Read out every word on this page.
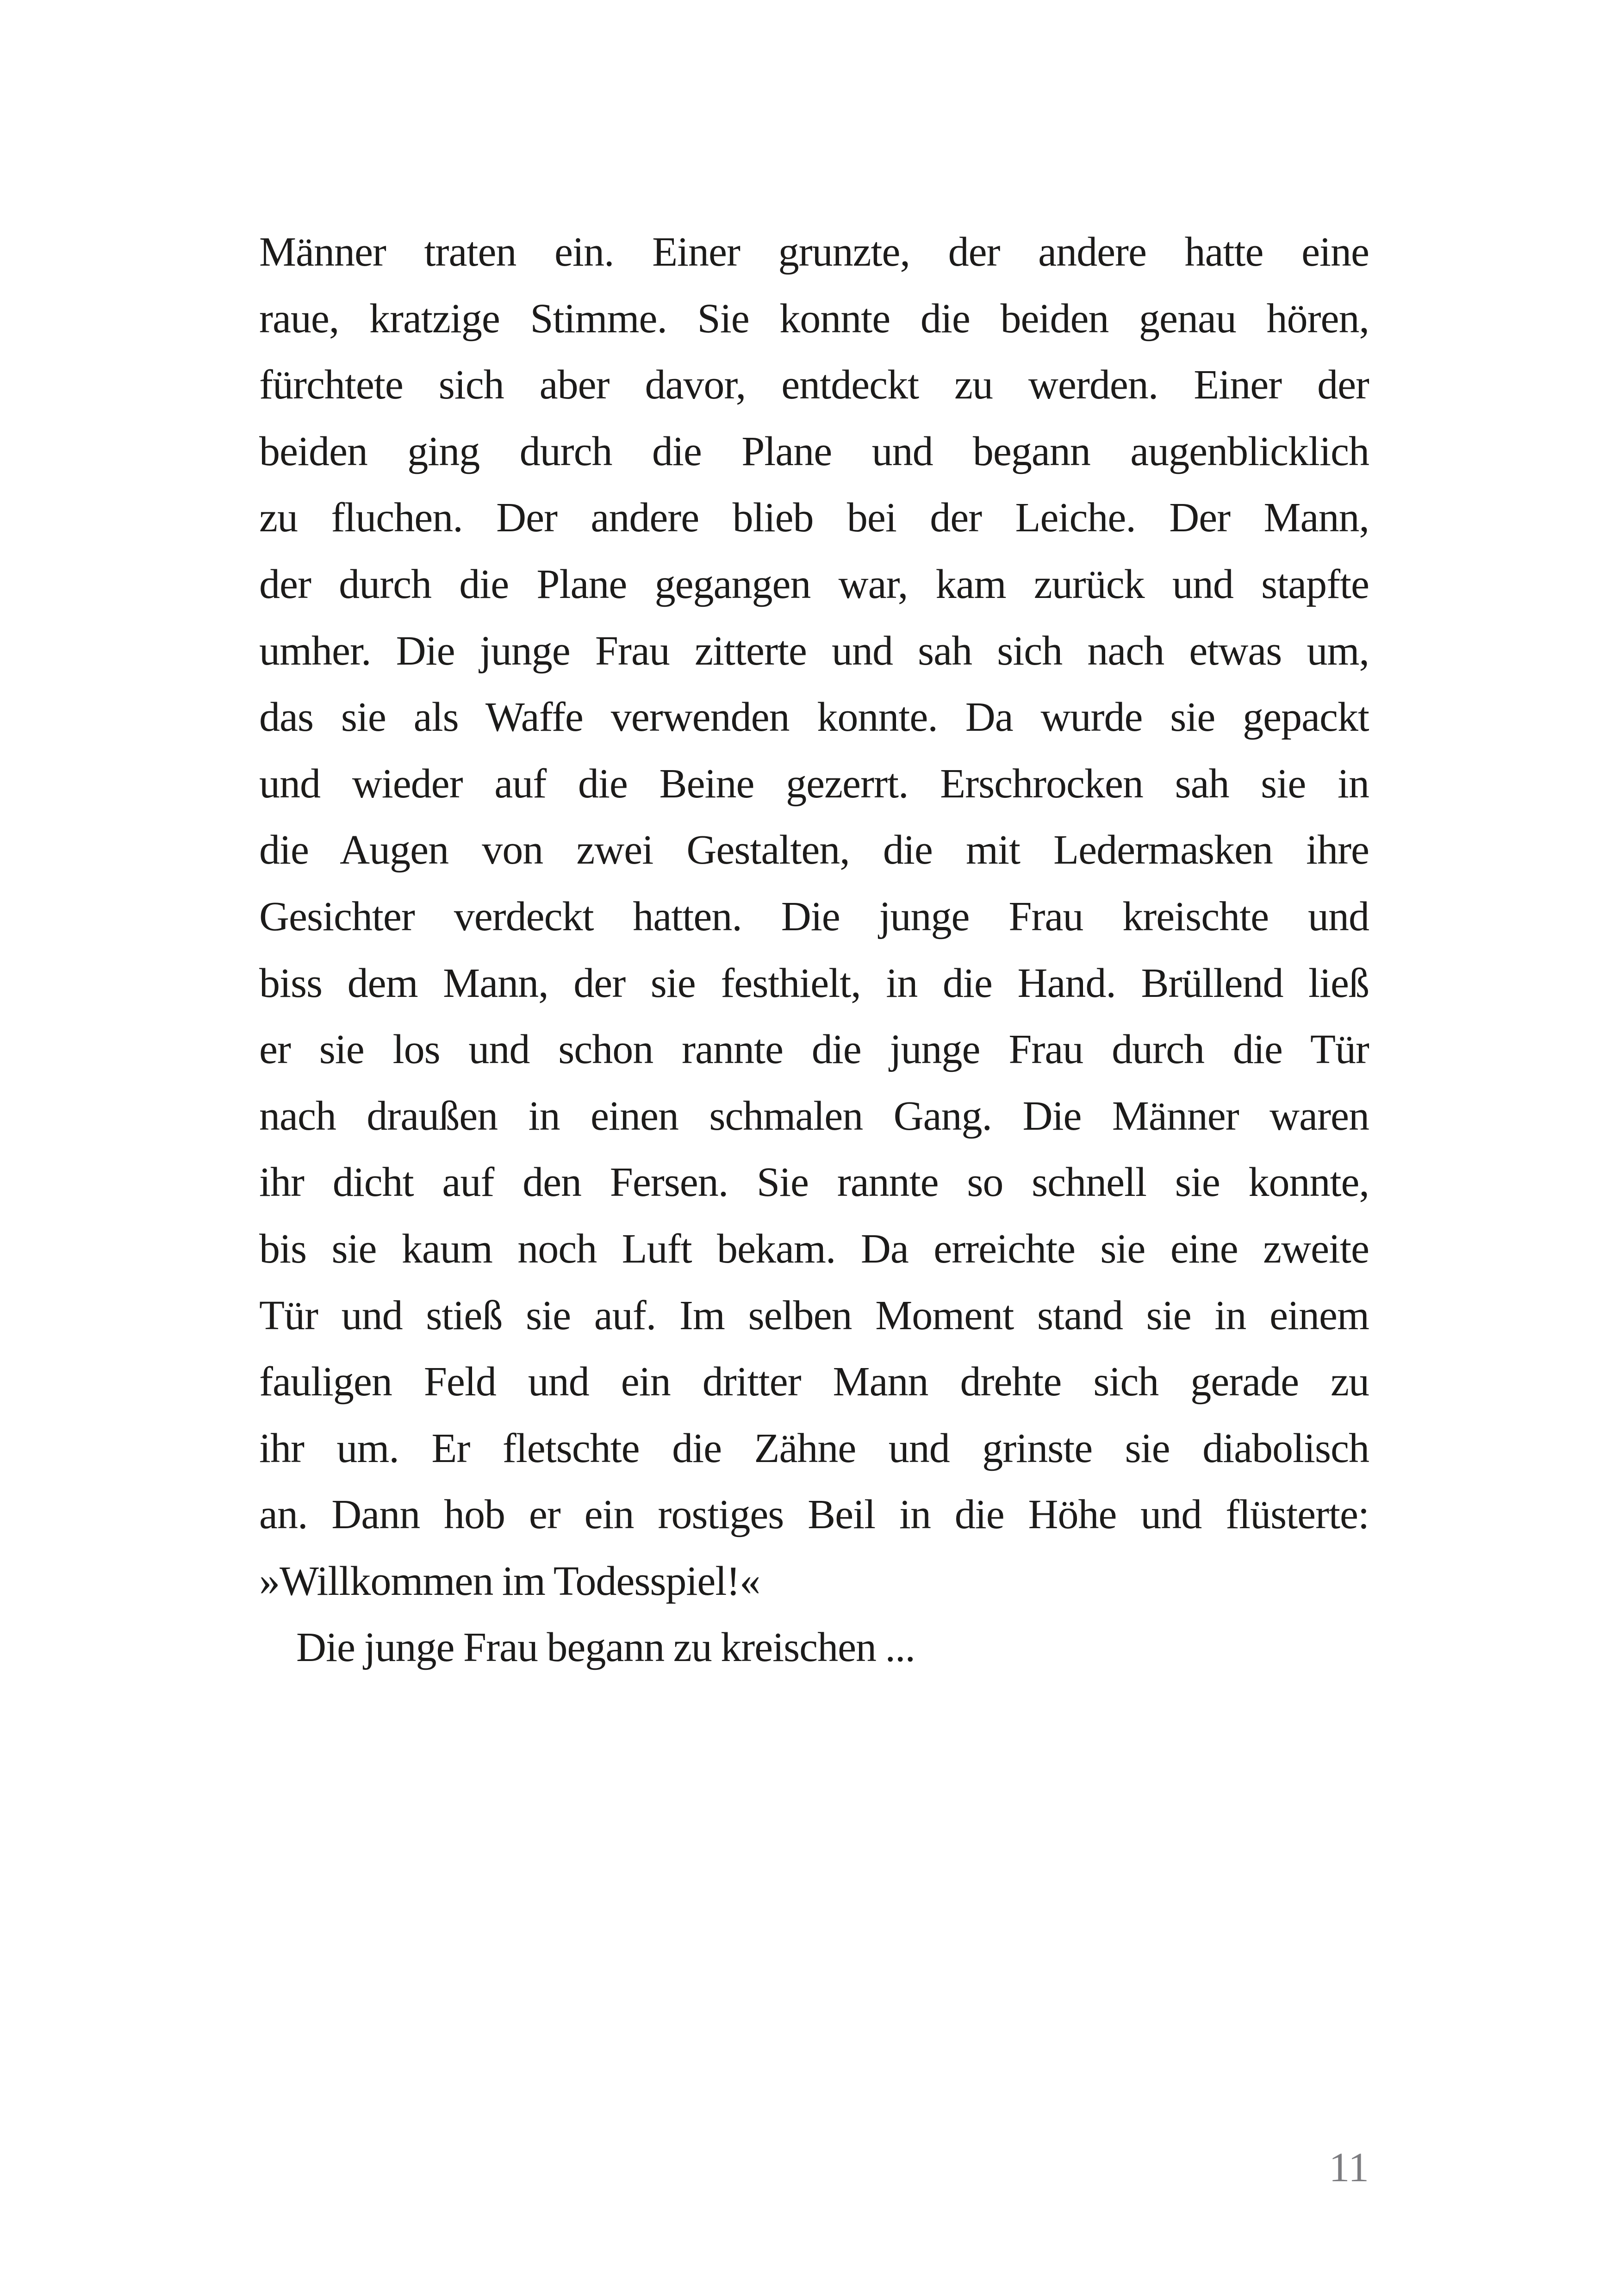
Männer traten ein. Einer grunzte, der andere hatte eine
raue, kratzige Stimme. Sie konnte die beiden genau hören,
fürchtete sich aber davor, entdeckt zu werden. Einer der
beiden ging durch die Plane und begann augenblicklich
zu fluchen. Der andere blieb bei der Leiche. Der Mann,
der durch die Plane gegangen war, kam zurück und stapfte
umher. Die junge Frau zitterte und sah sich nach etwas um,
das sie als Waffe verwenden konnte. Da wurde sie gepackt
und wieder auf die Beine gezerrt. Erschrocken sah sie in
die Augen von zwei Gestalten, die mit Ledermasken ihre
Gesichter verdeckt hatten. Die junge Frau kreischte und
biss dem Mann, der sie festhielt, in die Hand. Brüllend ließ
er sie los und schon rannte die junge Frau durch die Tür
nach draußen in einen schmalen Gang. Die Männer waren
ihr dicht auf den Fersen. Sie rannte so schnell sie konnte,
bis sie kaum noch Luft bekam. Da erreichte sie eine zweite
Tür und stieß sie auf. Im selben Moment stand sie in einem
fauligen Feld und ein dritter Mann drehte sich gerade zu
ihr um. Er fletschte die Zähne und grinste sie diabolisch
an. Dann hob er ein rostiges Beil in die Höhe und flüsterte:
»Willkommen im Todesspiel!«
Die junge Frau begann zu kreischen ...
11
